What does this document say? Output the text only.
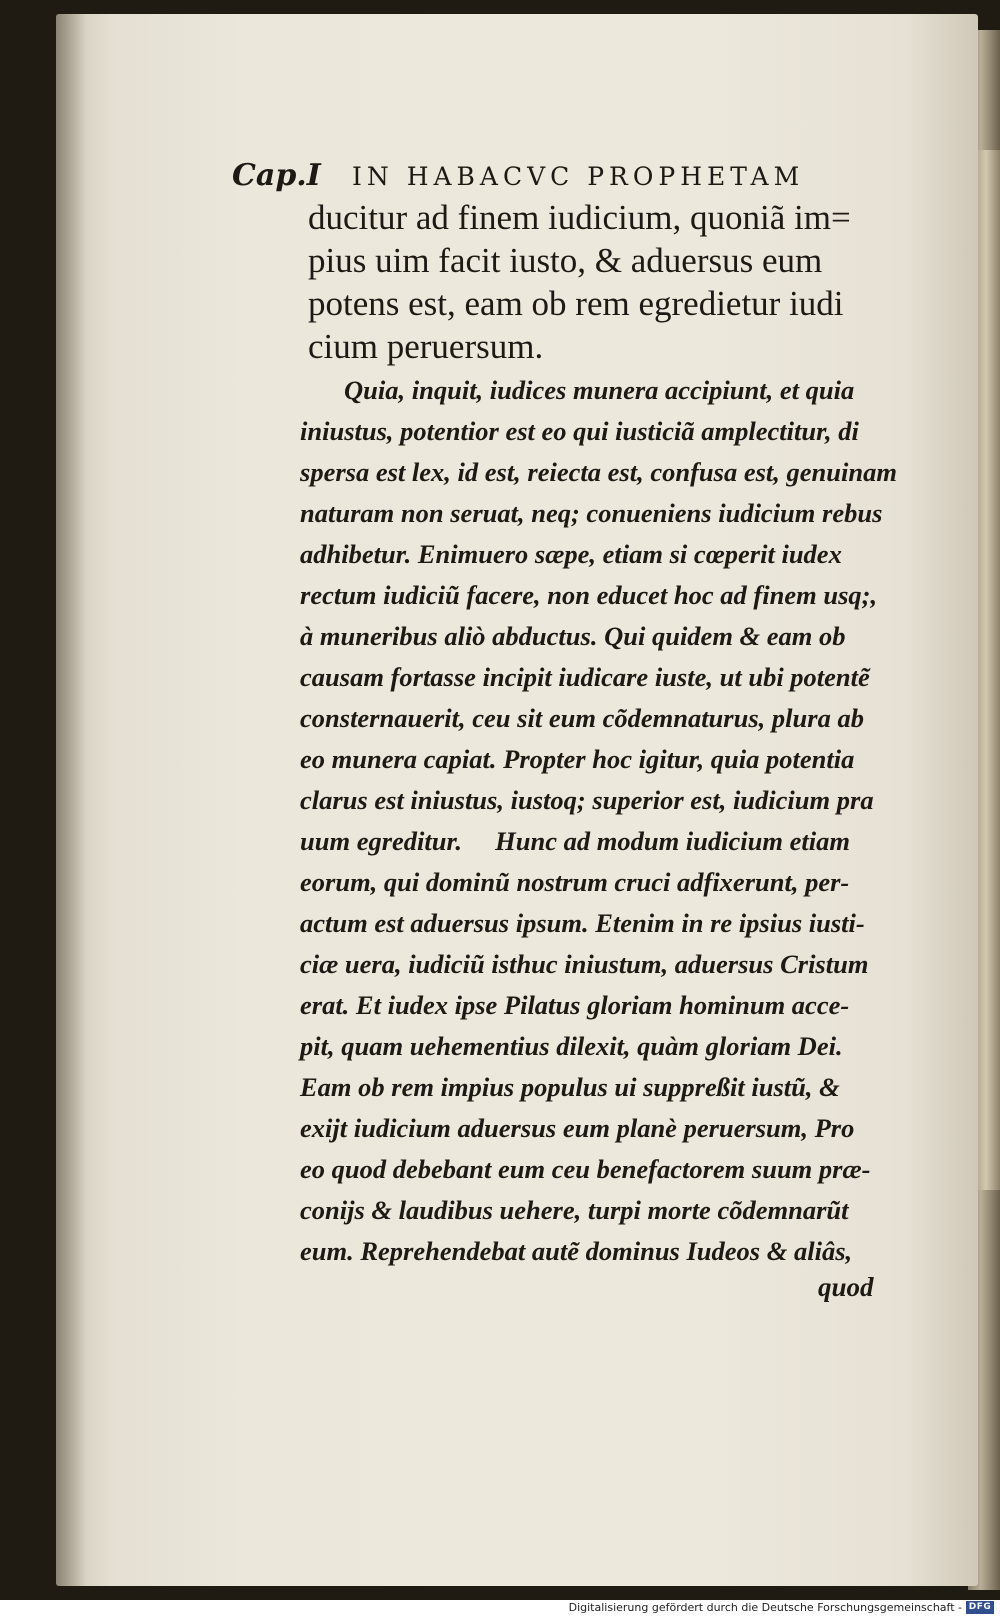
Cap.I IN HABACVC PROPHETAM
ducitur ad finem iudicium, quoniã im=
pius uim facit iusto, & aduersus eum
potens est, eam ob rem egredietur iudi
cium peruersum.
Quia, inquit, iudices munera accipiunt, et quia
iniustus, potentior est eo qui iusticiã amplectitur, di
spersa est lex, id est, reiecta est, confusa est, genuinam
naturam non seruat, neq; conueniens iudicium rebus
adhibetur. Enimuero sæpe, etiam si cœperit iudex
rectum iudiciũ facere, non educet hoc ad finem usq;,
à muneribus aliò abductus. Qui quidem & eam ob
causam fortasse incipit iudicare iuste, ut ubi potentẽ
consternauerit, ceu sit eum cõdemnaturus, plura ab
eo munera capiat. Propter hoc igitur, quia potentia
clarus est iniustus, iustoq; superior est, iudicium pra
uum egreditur.     Hunc ad modum iudicium etiam
eorum, qui dominũ nostrum cruci adfixerunt, per-
actum est aduersus ipsum. Etenim in re ipsius iusti-
ciæ uera, iudiciũ isthuc iniustum, aduersus Cristum
erat. Et iudex ipse Pilatus gloriam hominum acce-
pit, quam uehementius dilexit, quàm gloriam Dei.
Eam ob rem impius populus ui suppreßit iustũ, &
exijt iudicium aduersus eum planè peruersum, Pro
eo quod debebant eum ceu benefactorem suum præ-
conijs & laudibus uehere, turpi morte cõdemnarũt
eum. Reprehendebat autẽ dominus Iudeos & aliâs,
quod
Digitalisierung gefördert durch die Deutsche Forschungsgemeinschaft - DFG
